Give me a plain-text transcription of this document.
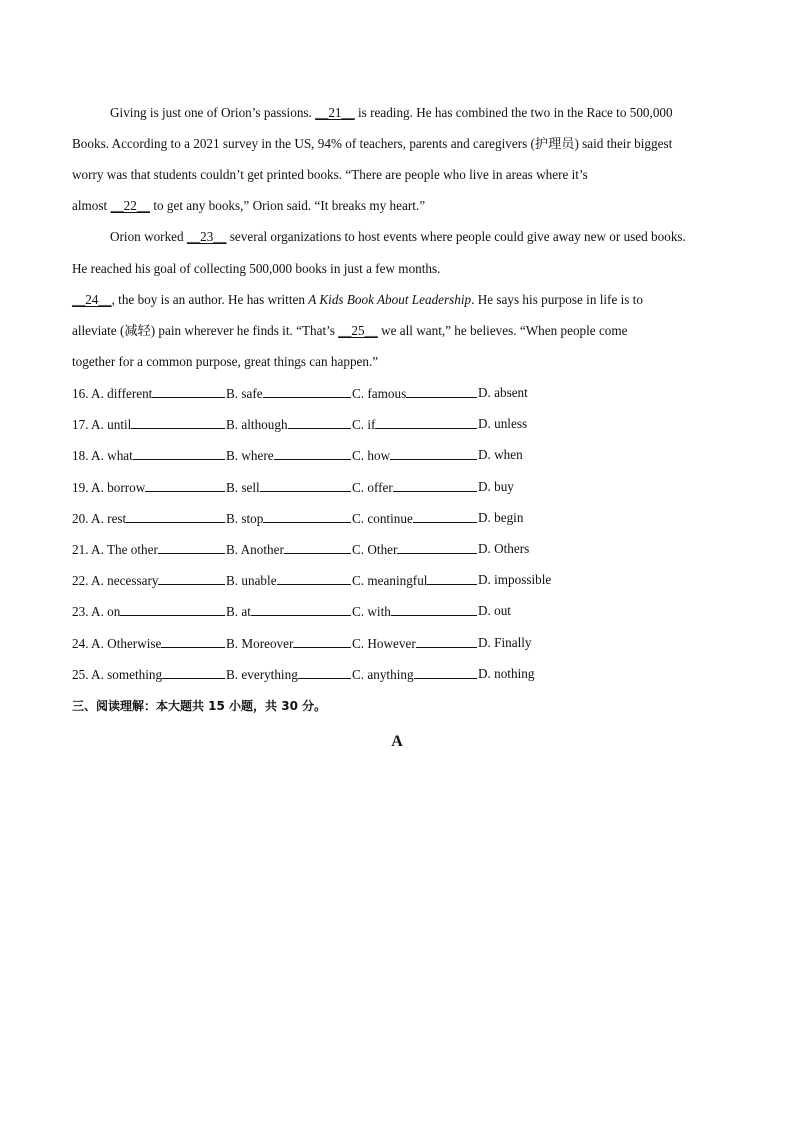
Giving is just one of Orion’s passions. __21__ is reading. He has combined the two in the Race to 500,000
Books. According to a 2021 survey in the US, 94% of teachers, parents and caregivers (护理员) said their biggest
worry was that students couldn’t get printed books. “There are people who live in areas where it’s
almost __22__ to get any books,” Orion said. “It breaks my heart.”
Orion worked __23__ several organizations to host events where people could give away new or used books.
He reached his goal of collecting 500,000 books in just a few months.
__24__, the boy is an author. He has written A Kids Book About Leadership. He says his purpose in life is to
alleviate (减轻) pain wherever he finds it. “That’s __25__ we all want,” he believes. “When people come
together for a common purpose, great things can happen.”
16. A. different	B. safe	C. famous	D. absent
17. A. until	B. although	C. if	D. unless
18. A. what	B. where	C. how	D. when
19. A. borrow	B. sell	C. offer	D. buy
20. A. rest	B. stop	C. continue	D. begin
21. A. The other	B. Another	C. Other	D. Others
22. A. necessary	B. unable	C. meaningful	D. impossible
23. A. on	B. at	C. with	D. out
24. A. Otherwise	B. Moreover	C. However	D. Finally
25. A. something	B. everything	C. anything	D. nothing
三、阅读理解：本大题共 15 小题，共 30 分。
A
